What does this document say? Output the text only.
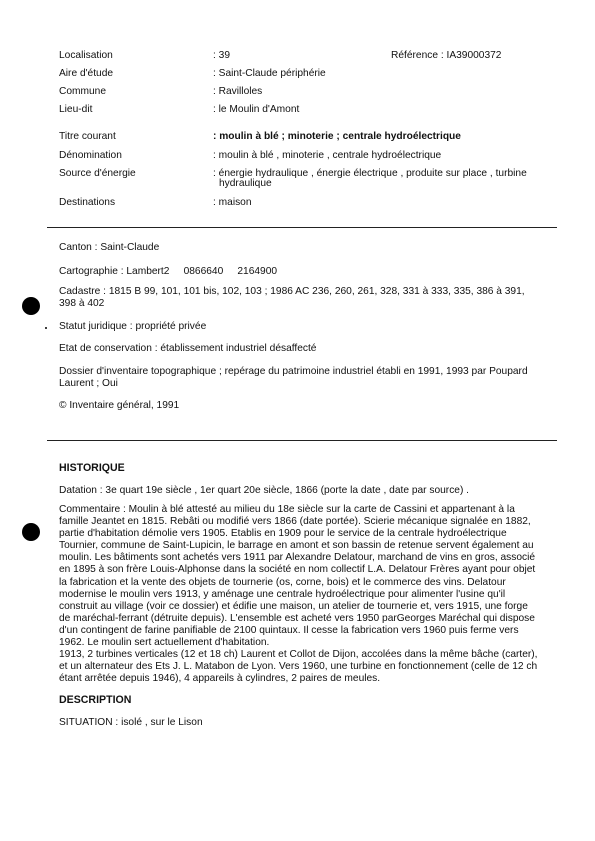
Localisation	: 39	Référence : IA39000372
Aire d'étude	: Saint-Claude périphérie
Commune	: Ravilloles
Lieu-dit	: le Moulin d'Amont
Titre courant	: moulin à blé ; minoterie ; centrale hydroélectrique
Dénomination	: moulin à blé , minoterie , centrale hydroélectrique
Source d'énergie	: énergie hydraulique , énergie électrique , produite sur place , turbine
hydraulique
Destinations	: maison
Canton : Saint-Claude
Cartographie : Lambert2     0866640     2164900
Cadastre : 1815 B 99, 101, 101 bis, 102, 103 ; 1986 AC 236, 260, 261, 328, 331 à 333, 335, 386 à 391,
398 à 402
Statut juridique : propriété privée
Etat de conservation : établissement industriel désaffecté
Dossier d'inventaire topographique ; repérage du patrimoine industriel établi en 1991, 1993 par Poupard
Laurent ; Oui
© Inventaire général, 1991
HISTORIQUE
Datation : 3e quart 19e siècle , 1er quart 20e siècle, 1866 (porte la date , date par source) .
Commentaire : Moulin à blé attesté au milieu du 18e siècle sur la carte de Cassini et appartenant à la
famille Jeantet en 1815. Rebâti ou modifié vers 1866 (date portée). Scierie mécanique signalée en 1882,
partie d'habitation démolie vers 1905. Etablis en 1909 pour le service de la centrale hydroélectrique
Tournier, commune de Saint-Lupicin, le barrage en amont et son bassin de retenue servent également au
moulin. Les bâtiments sont achetés vers 1911 par Alexandre Delatour, marchand de vins en gros, associé
en 1895 à son frère Louis-Alphonse dans la société en nom collectif L.A. Delatour Frères ayant pour objet
la fabrication et la vente des objets de tournerie (os, corne, bois) et le commerce des vins. Delatour
modernise le moulin vers 1913, y aménage une centrale hydroélectrique pour alimenter l'usine qu'il
construit au village (voir ce dossier) et édifie une maison, un atelier de tournerie et, vers 1915, une forge
de maréchal-ferrant (détruite depuis). L'ensemble est acheté vers 1950 parGeorges Maréchal qui dispose
d'un contingent de farine panifiable de 2100 quintaux. Il cesse la fabrication vers 1960 puis ferme vers
1962. Le moulin sert actuellement d'habitation.
1913, 2 turbines verticales (12 et 18 ch) Laurent et Collot de Dijon, accolées dans la même bâche (carter),
et un alternateur des Ets J. L. Matabon de Lyon. Vers 1960, une turbine en fonctionnement (celle de 12 ch
étant arrêtée depuis 1946), 4 appareils à cylindres, 2 paires de meules.
DESCRIPTION
SITUATION : isolé , sur le Lison
